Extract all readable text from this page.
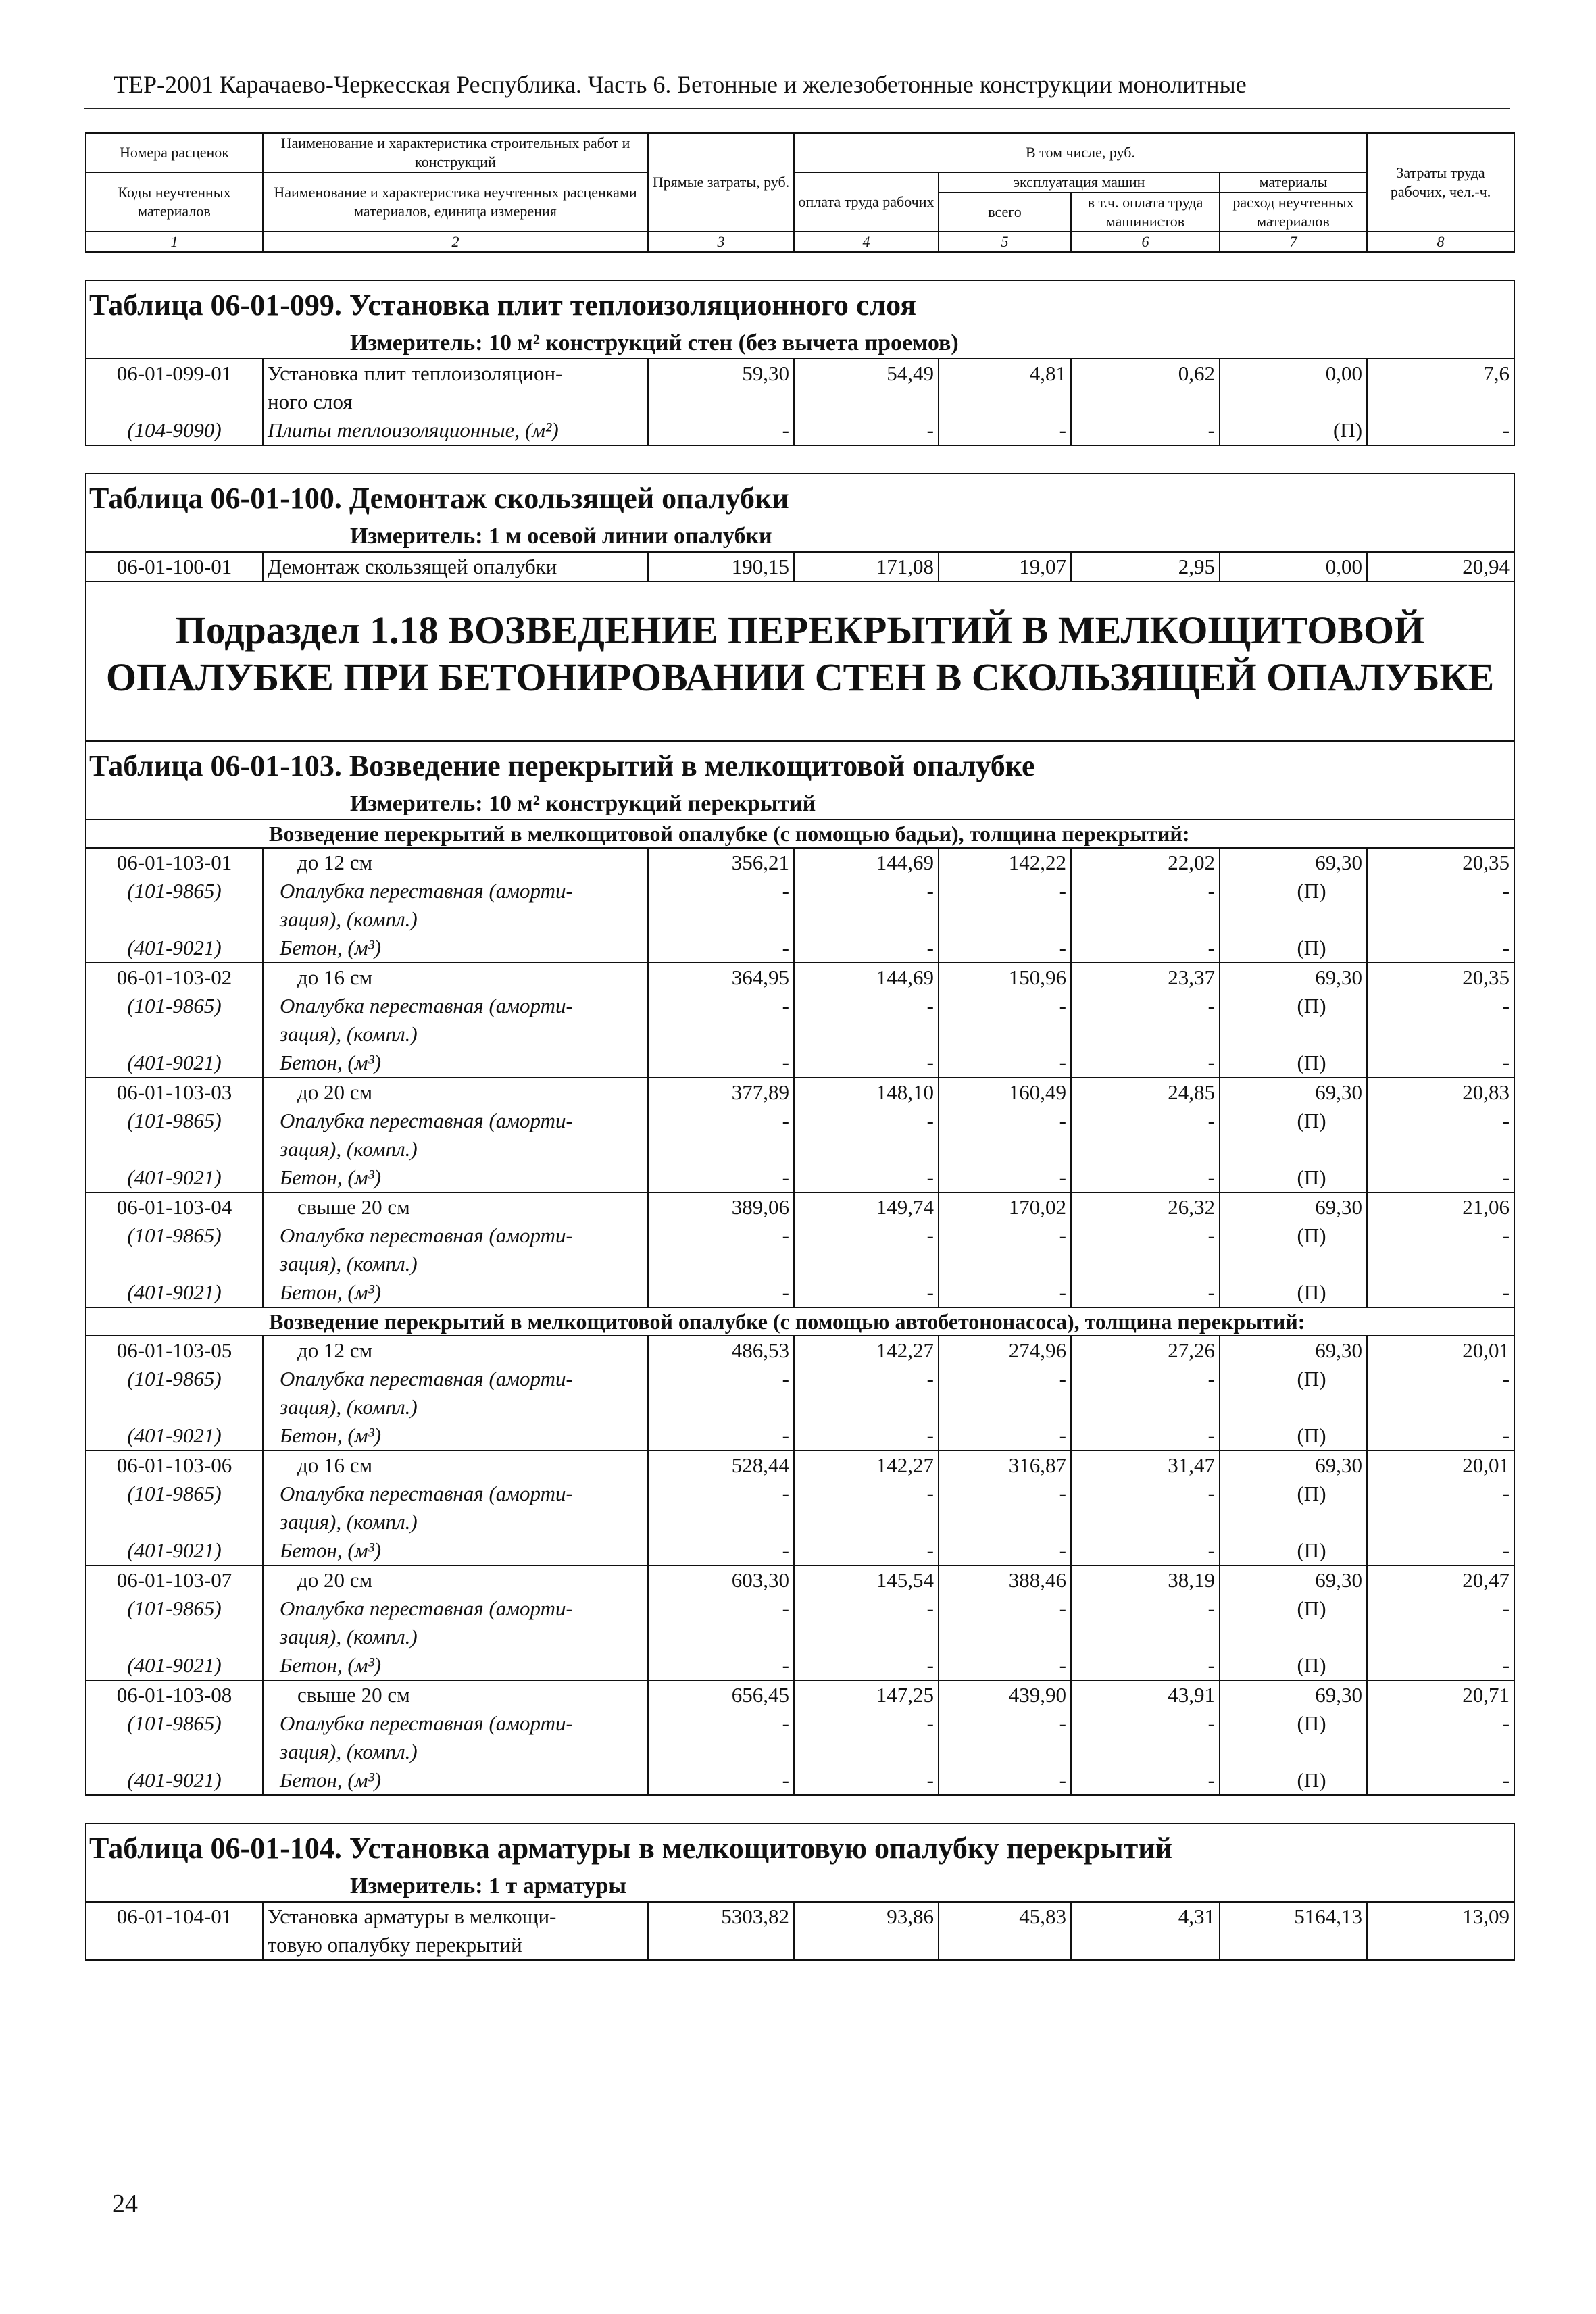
ТЕР-2001 Карачаево-Черкесская Республика. Часть 6. Бетонные и железобетонные конструкции монолитные
Номера расценок	Наименование и характеристика строительных работ и конструкций	Прямые затраты, руб.	В том числе, руб.				Затраты труда рабочих, чел.-ч.
Коды неучтенных материалов	Наименование и характеристика неучтенных расценками материалов, единица измерения		оплата труда рабочих	эксплуатация машин		материалы	
				всего	в т.ч. оплата труда машинистов	расход неучтенных материалов	
1	2	3	4	5	6	7	8

Таблица 06-01-099. Установка плит теплоизоляционного слоя							
Измеритель: 10 м² конструкций стен (без вычета проемов)							
06-01-099-01	Установка плит теплоизоляцион-	59,30	54,49	4,81	0,62	0,00	7,6
	ного слоя						
(104-9090)	Плиты теплоизоляционные, (м²)	-	-	-	-	(П)	-

Таблица 06-01-100. Демонтаж скользящей опалубки							
Измеритель: 1 м осевой линии опалубки							
06-01-100-01	Демонтаж скользящей опалубки	190,15	171,08	19,07	2,95	0,00	20,94
Подраздел 1.18 ВОЗВЕДЕНИЕ ПЕРЕКРЫТИЙ В МЕЛКОЩИТОВОЙ ОПАЛУБКЕ ПРИ БЕТОНИРОВАНИИ СТЕН В СКОЛЬЗЯЩЕЙ ОПАЛУБКЕ							
Таблица 06-01-103. Возведение перекрытий в мелкощитовой опалубке							
Измеритель: 10 м² конструкций перекрытий							
Возведение перекрытий в мелкощитовой опалубке (с помощью бадьи), толщина перекрытий:							
06-01-103-01	до 12 см	356,21	144,69	142,22	22,02	69,30	20,35
(101-9865)	Опалубка переставная (аморти-	-	-	-	-	(П)	-
	зация), (компл.)						
(401-9021)	Бетон, (м³)	-	-	-	-	(П)	-
06-01-103-02	до 16 см	364,95	144,69	150,96	23,37	69,30	20,35
(101-9865)	Опалубка переставная (аморти-	-	-	-	-	(П)	-
	зация), (компл.)						
(401-9021)	Бетон, (м³)	-	-	-	-	(П)	-
06-01-103-03	до 20 см	377,89	148,10	160,49	24,85	69,30	20,83
(101-9865)	Опалубка переставная (аморти-	-	-	-	-	(П)	-
	зация), (компл.)						
(401-9021)	Бетон, (м³)	-	-	-	-	(П)	-
06-01-103-04	свыше 20 см	389,06	149,74	170,02	26,32	69,30	21,06
(101-9865)	Опалубка переставная (аморти-	-	-	-	-	(П)	-
	зация), (компл.)						
(401-9021)	Бетон, (м³)	-	-	-	-	(П)	-
Возведение перекрытий в мелкощитовой опалубке (с помощью автобетононасоса), толщина перекрытий:							
06-01-103-05	до 12 см	486,53	142,27	274,96	27,26	69,30	20,01
(101-9865)	Опалубка переставная (аморти-	-	-	-	-	(П)	-
	зация), (компл.)						
(401-9021)	Бетон, (м³)	-	-	-	-	(П)	-
06-01-103-06	до 16 см	528,44	142,27	316,87	31,47	69,30	20,01
(101-9865)	Опалубка переставная (аморти-	-	-	-	-	(П)	-
	зация), (компл.)						
(401-9021)	Бетон, (м³)	-	-	-	-	(П)	-
06-01-103-07	до 20 см	603,30	145,54	388,46	38,19	69,30	20,47
(101-9865)	Опалубка переставная (аморти-	-	-	-	-	(П)	-
	зация), (компл.)						
(401-9021)	Бетон, (м³)	-	-	-	-	(П)	-
06-01-103-08	свыше 20 см	656,45	147,25	439,90	43,91	69,30	20,71
(101-9865)	Опалубка переставная (аморти-	-	-	-	-	(П)	-
	зация), (компл.)						
(401-9021)	Бетон, (м³)	-	-	-	-	(П)	-

Таблица 06-01-104. Установка арматуры в мелкощитовую опалубку перекрытий							
Измеритель: 1 т арматуры							
06-01-104-01	Установка арматуры в мелкощи-	5303,82	93,86	45,83	4,31	5164,13	13,09
	товую опалубку перекрытий						
24
